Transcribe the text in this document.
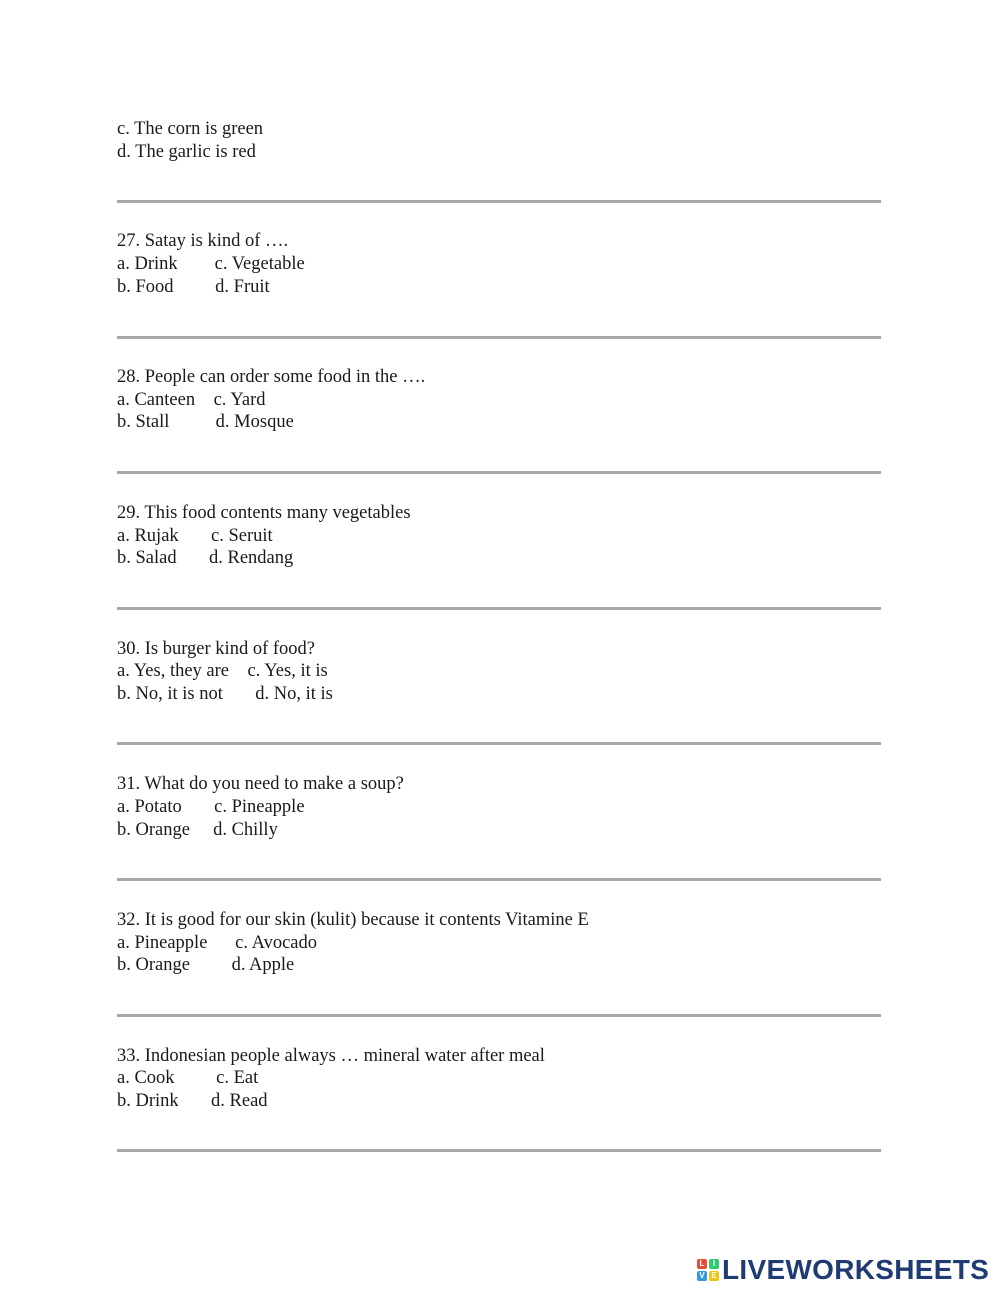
c. The corn is green
d. The garlic is red
27. Satay is kind of ….
a. Drink        c. Vegetable
b. Food         d. Fruit
28. People can order some food in the ….
a. Canteen    c. Yard
b. Stall          d. Mosque
29. This food contents many vegetables
a. Rujak       c. Seruit
b. Salad       d. Rendang
30. Is burger kind of food?
a. Yes, they are    c. Yes, it is
b. No, it is not       d. No, it is
31. What do you need to make a soup?
a. Potato       c. Pineapple
b. Orange     d. Chilly
32. It is good for our skin (kulit) because it contents Vitamine E
a. Pineapple      c. Avocado
b. Orange         d. Apple
33. Indonesian people always … mineral water after meal
a. Cook         c. Eat
b. Drink       d. Read
L	I
V E LIVEWORKSHEETS
